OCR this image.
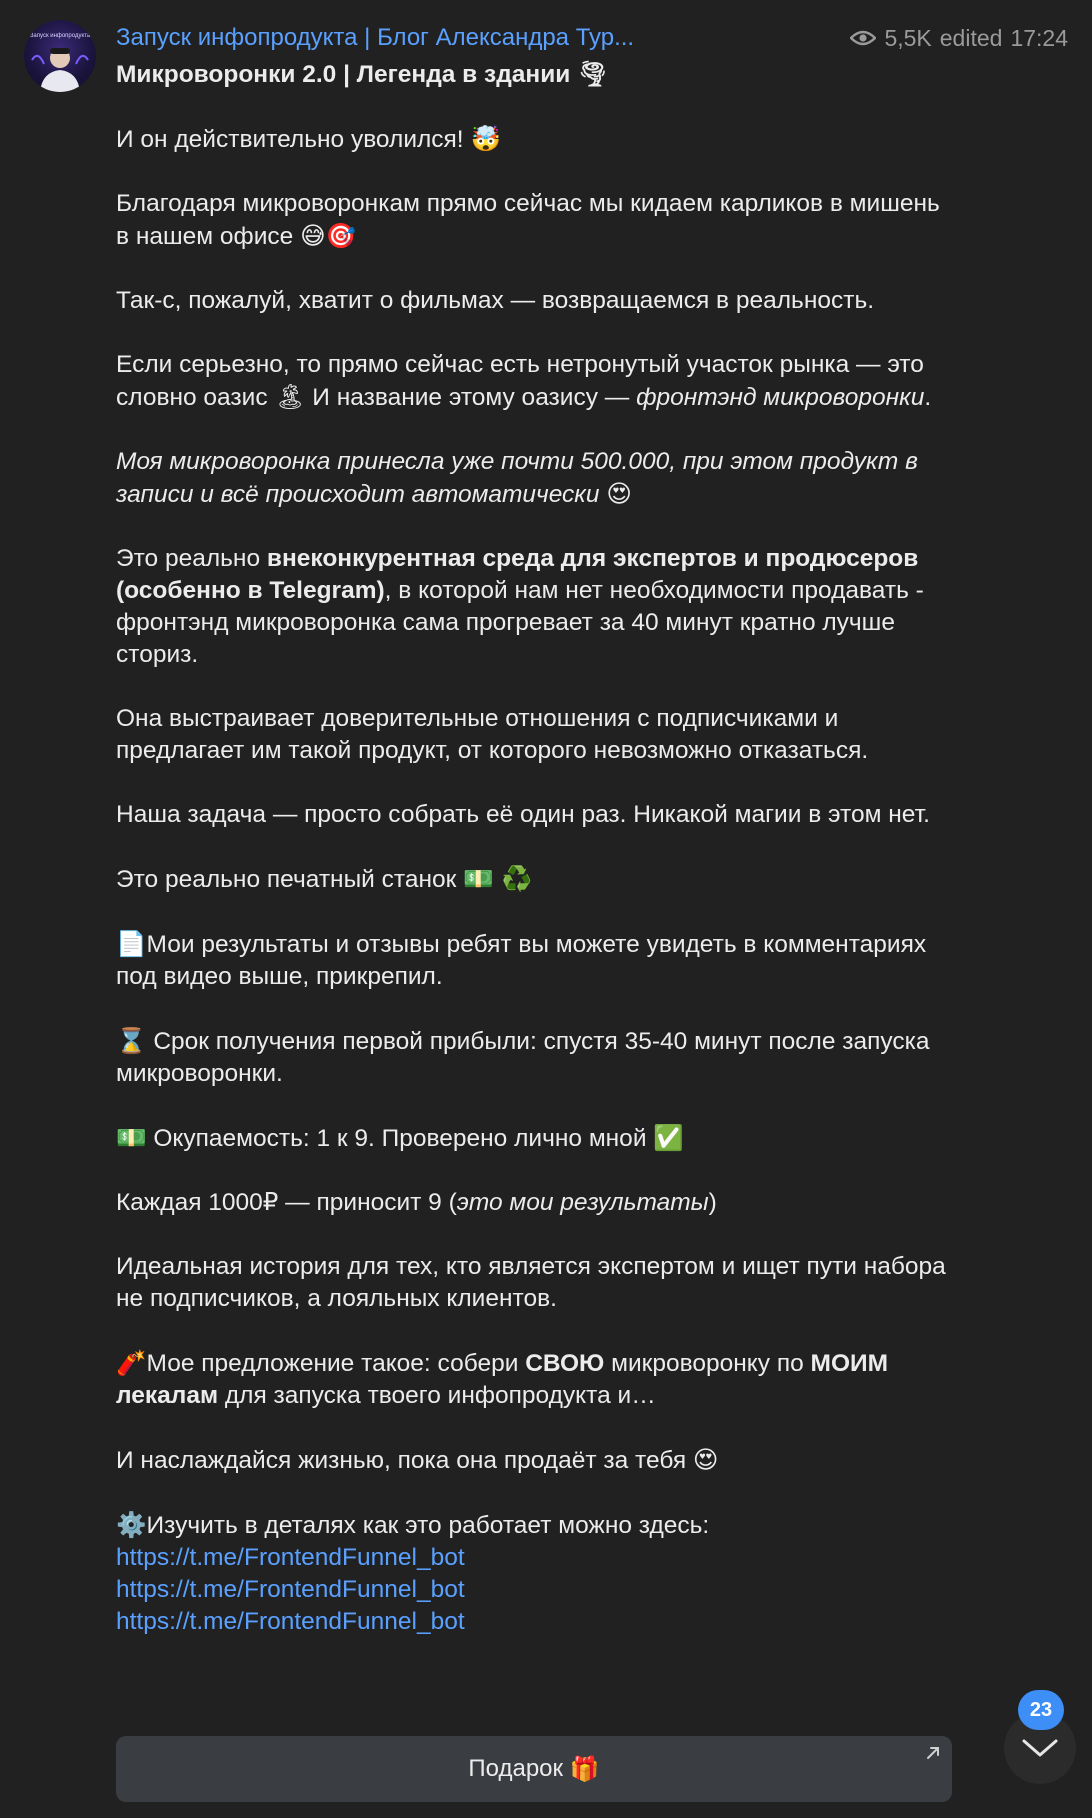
Запуск инфопродукта Запуск инфопродукта | Блог Александра Тур...	5,5K edited 17:24

Микроворонки 2.0 | Легенда в здании 🌪

И он действительно уволился! 🤯

Благодаря микроворонкам прямо сейчас мы кидаем карликов в мишень в нашем офисе 😅🎯

Так-с, пожалуй, хватит о фильмах — возвращаемся в реальность.

Если серьезно, то прямо сейчас есть нетронутый участок рынка — это словно оазис 🏝 И название этому оазису — фронтэнд микроворонки.

Моя микроворонка принесла уже почти 500.000, при этом продукт в записи и всё происходит автоматически 😍

Это реально внеконкурентная среда для экспертов и продюсеров (особенно в Telegram), в которой нам нет необходимости продавать - фронтэнд микроворонка сама прогревает за 40 минут кратно лучше сториз.

Она выстраивает доверительные отношения с подписчиками и предлагает им такой продукт, от которого невозможно отказаться.

Наша задача — просто собрать её один раз. Никакой магии в этом нет.

Это реально печатный станок 💵 ♻️

📄Мои результаты и отзывы ребят вы можете увидеть в комментариях под видео выше, прикрепил.

⌛ Срок получения первой прибыли: спустя 35-40 минут после запуска микроворонки.

💵 Окупаемость: 1 к 9. Проверено лично мной ✅

Каждая 1000₽ — приносит 9 (это мои результаты)

Идеальная история для тех, кто является экспертом и ищет пути набора не подписчиков, а лояльных клиентов.

🧨Мое предложение такое: собери СВОЮ микроворонку по МОИМ лекалам для запуска твоего инфопродукта и…

И наслаждайся жизнью, пока она продаёт за тебя 😍

⚙️Изучить в деталях как это работает можно здесь:

https://t.me/FrontendFunnel_bot
https://t.me/FrontendFunnel_bot
https://t.me/FrontendFunnel_bot
Подарок
🎁
23
